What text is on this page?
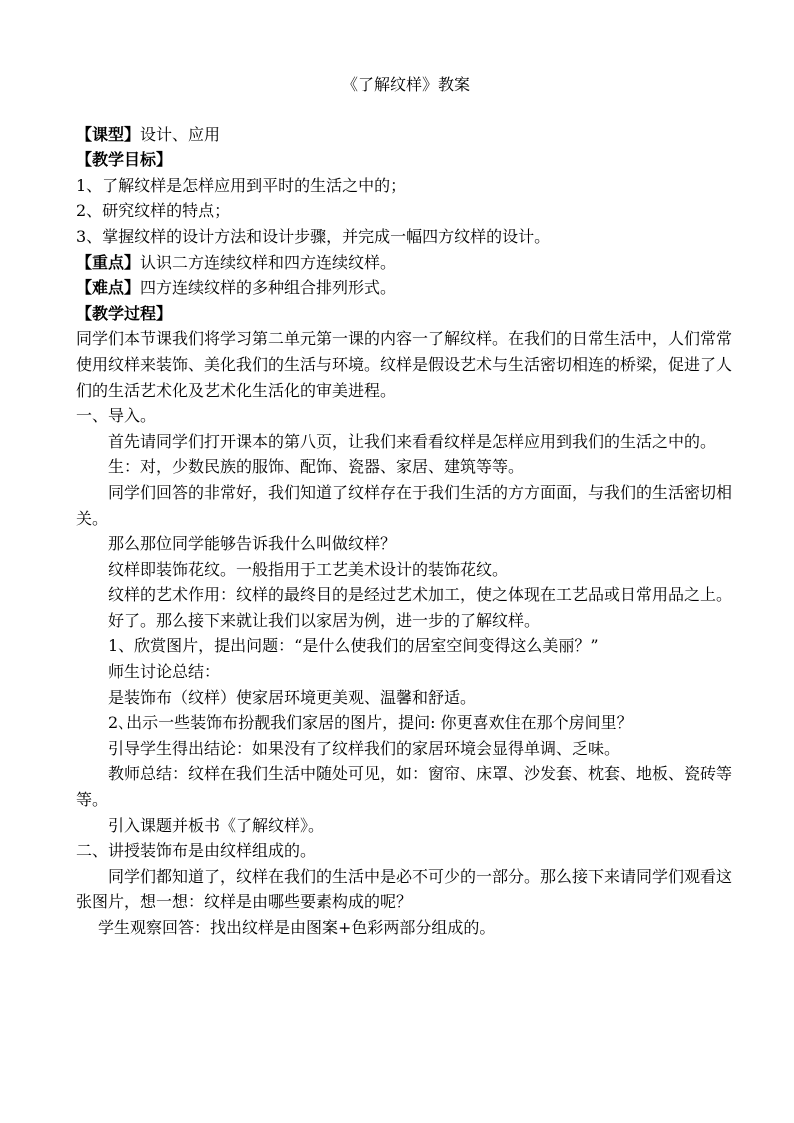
《了解纹样》教案

【课型】设计、应用

【教学目标】

1、了解纹样是怎样应用到平时的生活之中的；

2、研究纹样的特点；

3、掌握纹样的设计方法和设计步骤，并完成一幅四方纹样的设计。

【重点】认识二方连续纹样和四方连续纹样。

【难点】四方连续纹样的多种组合排列形式。

【教学过程】

同学们本节课我们将学习第二单元第一课的内容一了解纹样。在我们的日常生活中，人们常常使用纹样来装饰、美化我们的生活与环境。纹样是假设艺术与生活密切相连的桥梁，促进了人们的生活艺术化及艺术化生活化的审美进程。

一、导入。

首先请同学们打开课本的第八页，让我们来看看纹样是怎样应用到我们的生活之中的。

生：对，少数民族的服饰、配饰、瓷器、家居、建筑等等。

同学们回答的非常好，我们知道了纹样存在于我们生活的方方面面，与我们的生活密切相关。

那么那位同学能够告诉我什么叫做纹样？

纹样即装饰花纹。一般指用于工艺美术设计的装饰花纹。

纹样的艺术作用：纹样的最终目的是经过艺术加工，使之体现在工艺品或日常用品之上。

好了。那么接下来就让我们以家居为例，进一步的了解纹样。

1、欣赏图片，提出问题：“是什么使我们的居室空间变得这么美丽？”

师生讨论总结：

是装饰布（纹样）使家居环境更美观、温馨和舒适。

2､出示一些装饰布扮靓我们家居的图片，提问: 你更喜欢住在那个房间里？

引导学生得出结论：如果没有了纹样我们的家居环境会显得单调、乏味。

教师总结：纹样在我们生活中随处可见，如：窗帘、床罩、沙发套、枕套、地板、瓷砖等等。

引入课题并板书《了解纹样》。

二、讲授装饰布是由纹样组成的。

同学们都知道了，纹样在我们的生活中是必不可少的一部分。那么接下来请同学们观看这张图片，想一想：纹样是由哪些要素构成的呢？

学生观察回答：找出纹样是由图案+色彩两部分组成的。
